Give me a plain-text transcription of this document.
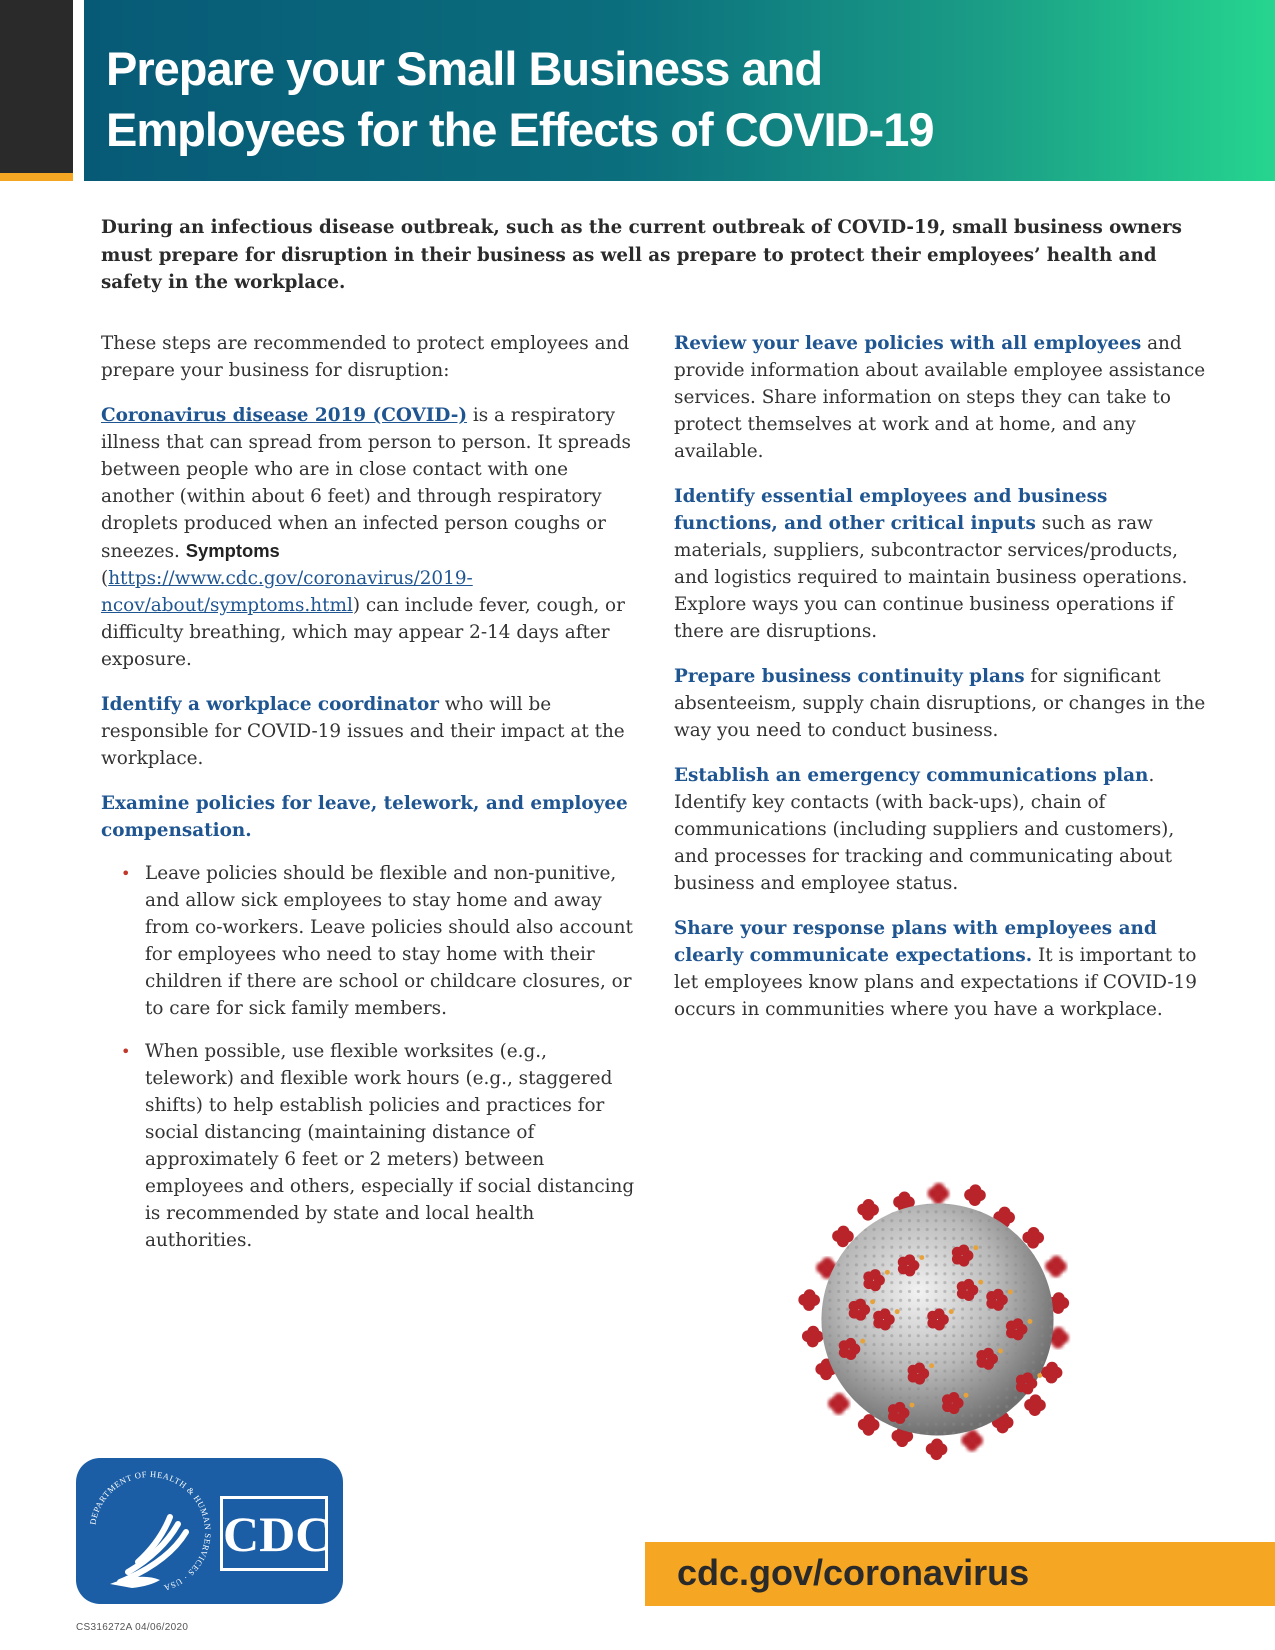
Prepare your Small Business and
Employees for the Effects of COVID-19
During an infectious disease outbreak, such as the current outbreak of COVID-19, small business owners must prepare for disruption in their business as well as prepare to protect their employees’ health and safety in the workplace.

These steps are recommended to protect employees and prepare your business for disruption:

Coronavirus disease 2019 (COVID-) is a respiratory illness that can spread from person to person. It spreads between people who are in close contact with one another (within about 6 feet) and through respiratory droplets produced when an infected person coughs or sneezes. Symptoms (https://www.cdc.gov/coronavirus/2019-ncov/about/symptoms.html) can include fever, cough, or difficulty breathing, which may appear 2-14 days after exposure.

Identify a workplace coordinator who will be responsible for COVID-19 issues and their impact at the workplace.

Examine policies for leave, telework, and employee compensation.

• Leave policies should be flexible and non-punitive, and allow sick employees to stay home and away from co-workers. Leave policies should also account for employees who need to stay home with their children if there are school or childcare closures, or to care for sick family members.
• When possible, use flexible worksites (e.g., telework) and flexible work hours (e.g., staggered shifts) to help establish policies and practices for social distancing (maintaining distance of approximately 6 feet or 2 meters) between employees and others, especially if social distancing is recommended by state and local health authorities.

Review your leave policies with all employees and provide information about available employee assistance services. Share information on steps they can take to protect themselves at work and at home, and any available.

Identify essential employees and business functions, and other critical inputs such as raw materials, suppliers, subcontractor services/products, and logistics required to maintain business operations. Explore ways you can continue business operations if there are disruptions.

Prepare business continuity plans for significant absenteeism, supply chain disruptions, or changes in the way you need to conduct business.

Establish an emergency communications plan. Identify key contacts (with back-ups), chain of communications (including suppliers and customers), and processes for tracking and communicating about business and employee status.

Share your response plans with employees and clearly communicate expectations. It is important to let employees know plans and expectations if COVID-19 occurs in communities where you have a workplace.

DEPARTMENT OF HEALTH & HUMAN SERVICES · USA
CDC
cdc.gov/coronavirus
CS316272A 04/06/2020
